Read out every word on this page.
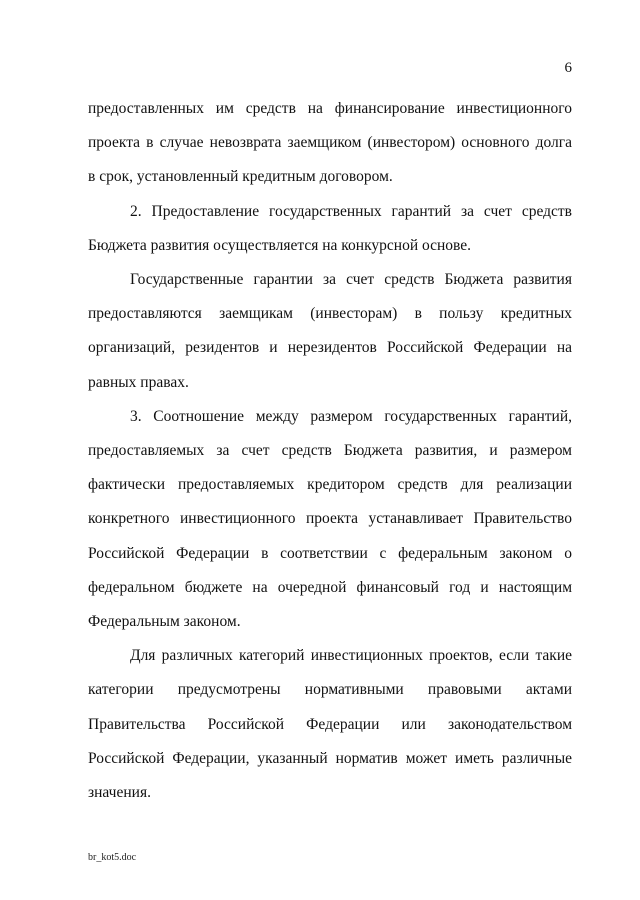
6
предоставленных им средств на финансирование инвестиционного
проекта в случае невозврата заемщиком (инвестором) основного долга
в срок, установленный кредитным договором.
2. Предоставление государственных гарантий за счет средств
Бюджета развития осуществляется на конкурсной основе.
Государственные гарантии за счет средств Бюджета развития
предоставляются заемщикам (инвесторам) в пользу кредитных
организаций, резидентов и нерезидентов Российской Федерации на
равных правах.
3. Соотношение между размером государственных гарантий,
предоставляемых за счет средств Бюджета развития, и размером
фактически предоставляемых кредитором средств для реализации
конкретного инвестиционного проекта устанавливает Правительство
Российской Федерации в соответствии с федеральным законом о
федеральном бюджете на очередной финансовый год и настоящим
Федеральным законом.
Для различных категорий инвестиционных проектов, если такие
категории предусмотрены нормативными правовыми актами
Правительства Российской Федерации или законодательством
Российской Федерации, указанный норматив может иметь различные
значения.
br_kot5.doc
